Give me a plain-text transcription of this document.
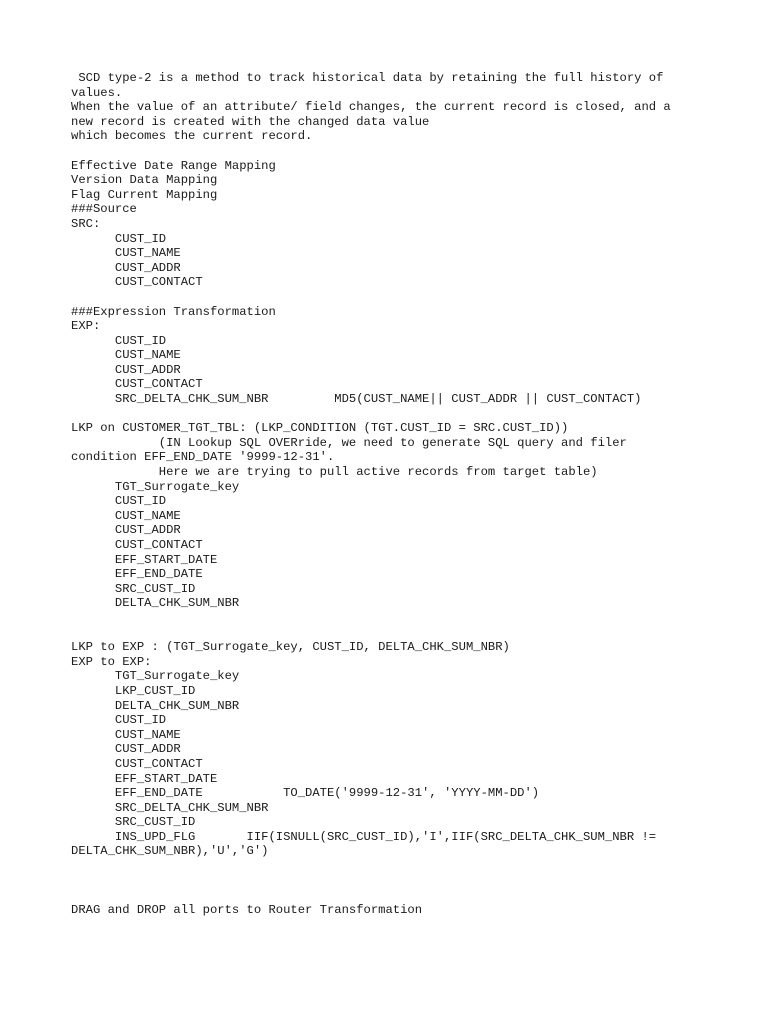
SCD type-2 is a method to track historical data by retaining the full history of
values.
When the value of an attribute/ field changes, the current record is closed, and a
new record is created with the changed data value
which becomes the current record.
Effective Date Range Mapping
Version Data Mapping
Flag Current Mapping
###Source
SRC:
CUST_ID
CUST_NAME
CUST_ADDR
CUST_CONTACT
###Expression Transformation
EXP:
CUST_ID
CUST_NAME
CUST_ADDR
CUST_CONTACT
SRC_DELTA_CHK_SUM_NBR         MD5(CUST_NAME|| CUST_ADDR || CUST_CONTACT)
LKP on CUSTOMER_TGT_TBL: (LKP_CONDITION (TGT.CUST_ID = SRC.CUST_ID))
(IN Lookup SQL OVERride, we need to generate SQL query and filer
condition EFF_END_DATE '9999-12-31'.
Here we are trying to pull active records from target table)
TGT_Surrogate_key
CUST_ID
CUST_NAME
CUST_ADDR
CUST_CONTACT
EFF_START_DATE
EFF_END_DATE
SRC_CUST_ID
DELTA_CHK_SUM_NBR
LKP to EXP : (TGT_Surrogate_key, CUST_ID, DELTA_CHK_SUM_NBR)
EXP to EXP:
TGT_Surrogate_key
LKP_CUST_ID
DELTA_CHK_SUM_NBR
CUST_ID
CUST_NAME
CUST_ADDR
CUST_CONTACT
EFF_START_DATE
EFF_END_DATE           TO_DATE('9999-12-31', 'YYYY-MM-DD')
SRC_DELTA_CHK_SUM_NBR
SRC_CUST_ID
INS_UPD_FLG       IIF(ISNULL(SRC_CUST_ID),'I',IIF(SRC_DELTA_CHK_SUM_NBR !=
DELTA_CHK_SUM_NBR),'U','G')
DRAG and DROP all ports to Router Transformation
